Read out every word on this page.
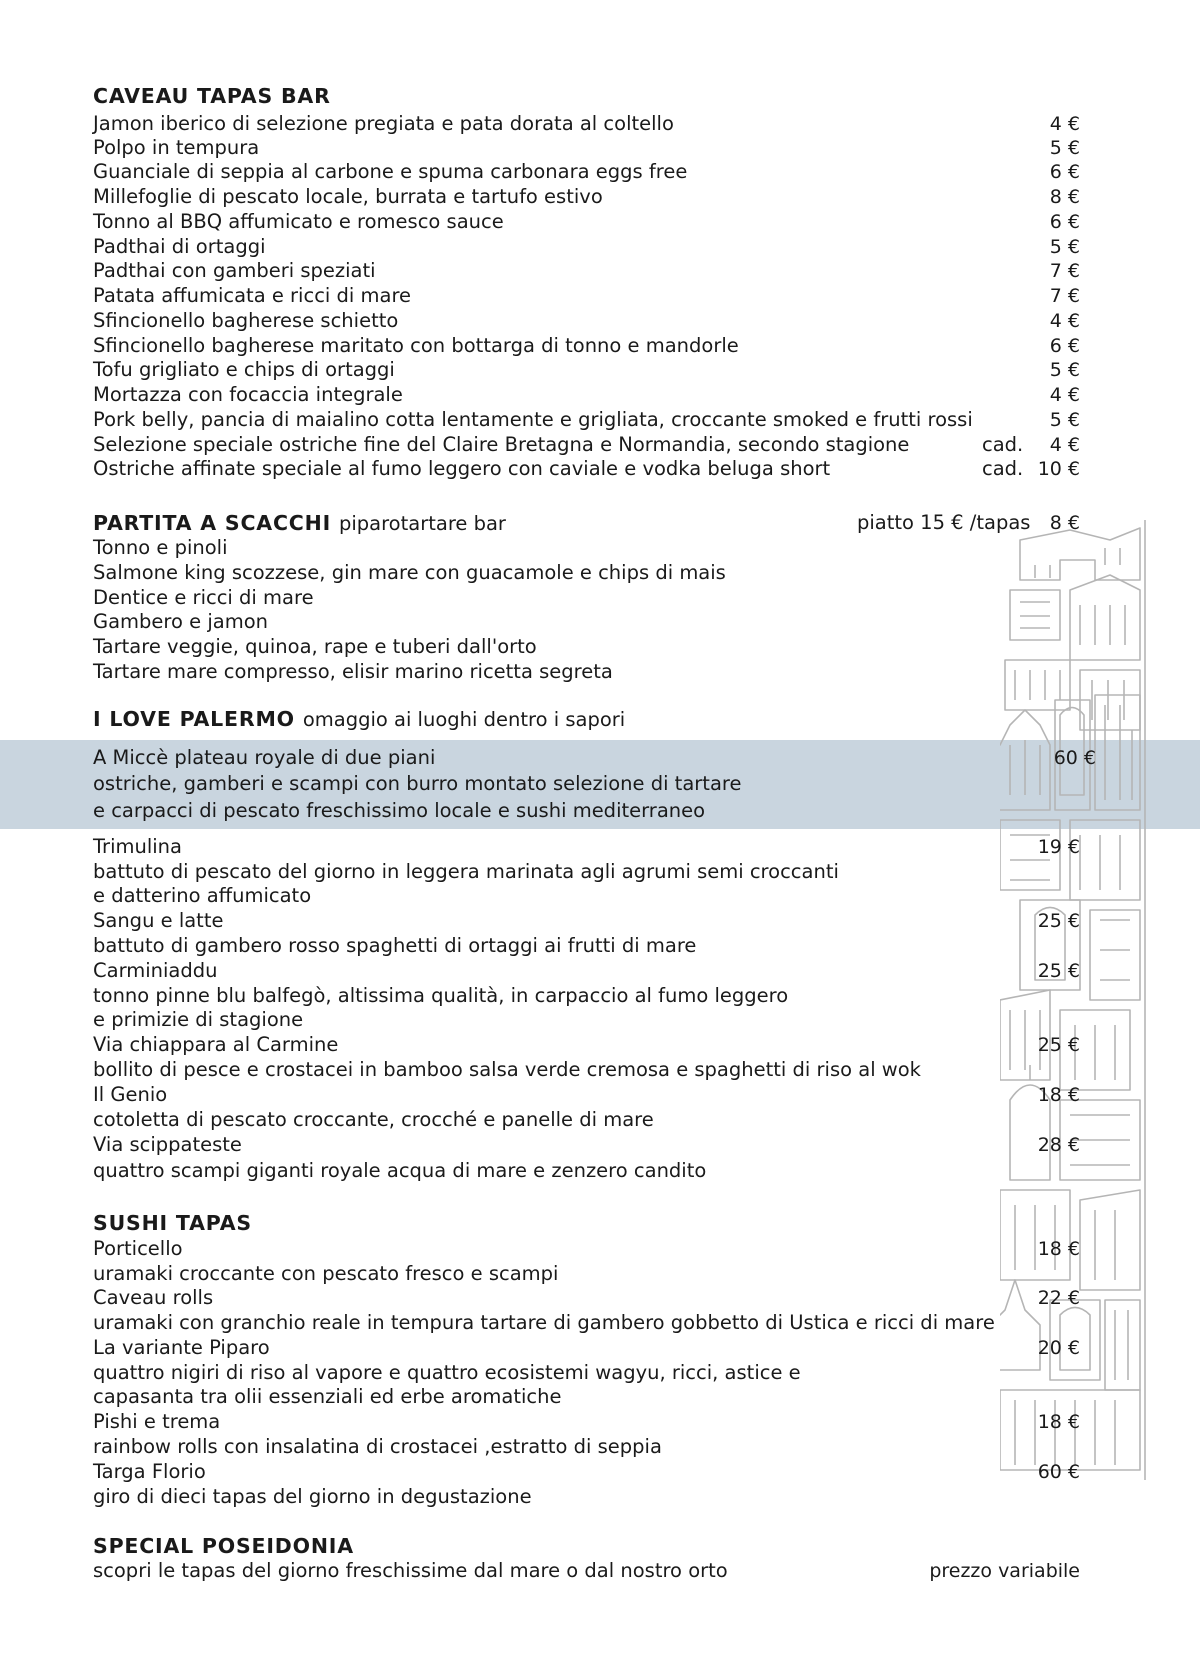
CAVEAU TAPAS BAR
Jamon iberico di selezione pregiata e pata dorata al coltello	4 €
Polpo in tempura	5 €
Guanciale di seppia al carbone e spuma carbonara eggs free	6 €
Millefoglie di pescato locale, burrata e tartufo estivo	8 €
Tonno al BBQ affumicato e romesco sauce	6 €
Padthai di ortaggi	5 €
Padthai con gamberi speziati	7 €
Patata affumicata e ricci di mare	7 €
Sfincionello bagherese schietto	4 €
Sfincionello bagherese maritato con bottarga di tonno e mandorle	6 €
Tofu grigliato e chips di ortaggi	5 €
Mortazza con focaccia integrale	4 €
Pork belly, pancia di maialino cotta lentamente e grigliata, croccante smoked e frutti rossi	5 €
Selezione speciale ostriche fine del Claire Bretagna e Normandia, secondo stagione	cad. 4 €
Ostriche affinate speciale al fumo leggero con caviale e vodka beluga short	cad. 10 €
PARTITA A SCACCHI piparotartare bar	piatto 15 € /tapas 8 €
Tonno e pinoli
Salmone king scozzese, gin mare con guacamole e chips di mais
Dentice e ricci di mare
Gambero e jamon
Tartare veggie, quinoa, rape e tuberi dall'orto
Tartare mare compresso, elisir marino ricetta segreta
I LOVE PALERMO omaggio ai luoghi dentro i sapori
A Miccè plateau royale di due piani	60 €
ostriche, gamberi e scampi con burro montato selezione di tartare
e carpacci di pescato freschissimo locale e sushi mediterraneo
Trimulina	19 €
battuto di pescato del giorno in leggera marinata agli agrumi semi croccanti
e datterino affumicato
Sangu e latte	25 €
battuto di gambero rosso spaghetti di ortaggi ai frutti di mare
Carminiaddu	25 €
tonno pinne blu balfegò, altissima qualità, in carpaccio al fumo leggero
e primizie di stagione
Via chiappara al Carmine	25 €
bollito di pesce e crostacei in bamboo salsa verde cremosa e spaghetti di riso al wok
Il Genio	18 €
cotoletta di pescato croccante, crocché e panelle di mare
Via scippateste	28 €
quattro scampi giganti royale acqua di mare e zenzero candito
SUSHI TAPAS
Porticello	18 €
uramaki croccante con pescato fresco e scampi
Caveau rolls	22 €
uramaki con granchio reale in tempura tartare di gambero gobbetto di Ustica e ricci di mare
La variante Piparo	20 €
quattro nigiri di riso al vapore e quattro ecosistemi wagyu, ricci, astice e
capasanta tra olii essenziali ed erbe aromatiche
Pishi e trema	18 €
rainbow rolls con insalatina di crostacei ,estratto di seppia
Targa Florio	60 €
giro di dieci tapas del giorno in degustazione
SPECIAL POSEIDONIA
scopri le tapas del giorno freschissime dal mare o dal nostro orto	prezzo variabile
